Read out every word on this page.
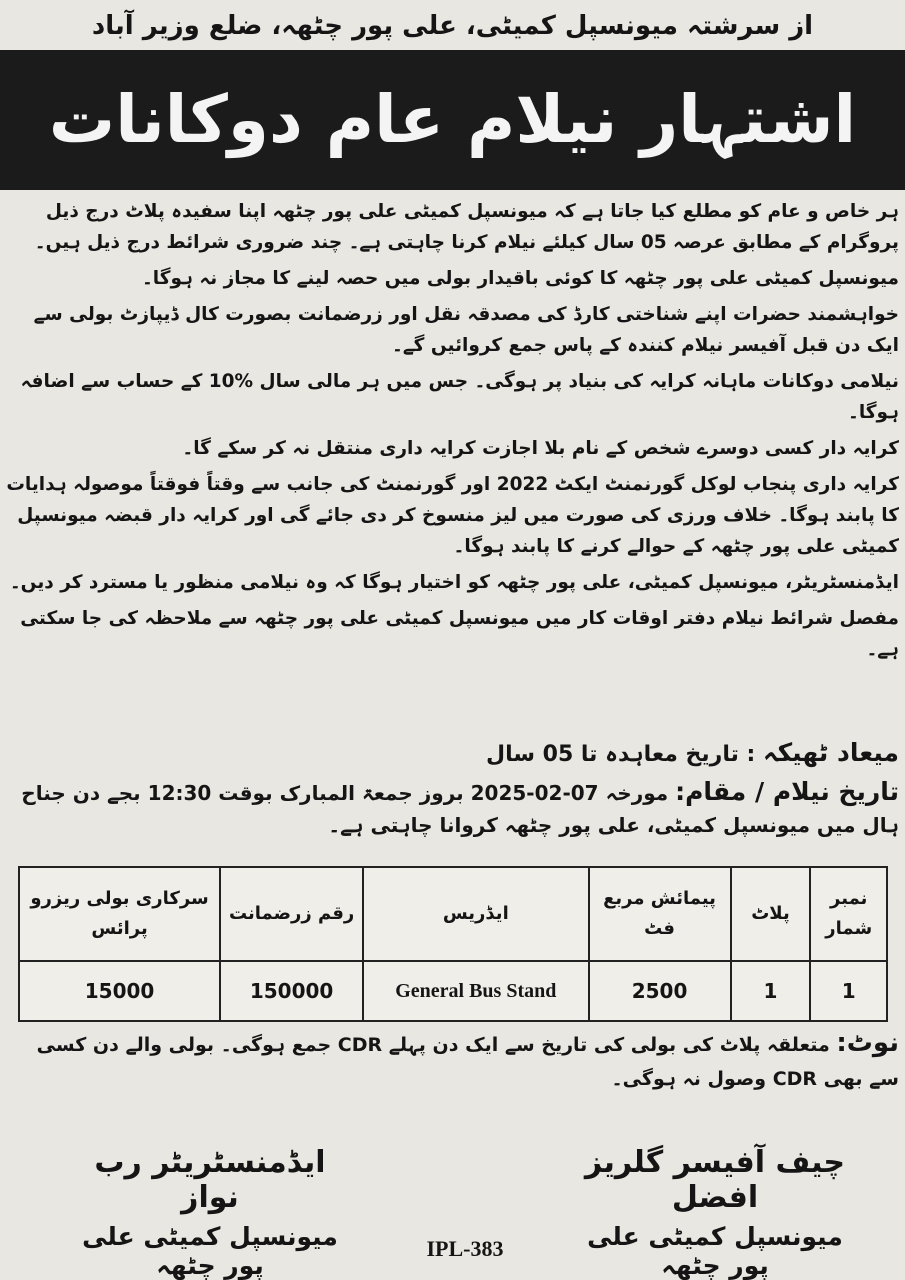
از سرشتہ میونسپل کمیٹی، علی پور چٹھہ، ضلع وزیر آباد
اشتہار نیلام عام دوکانات

ہر خاص و عام کو مطلع کیا جاتا ہے کہ میونسپل کمیٹی علی پور چٹھہ اپنا سفیدہ پلاٹ درج ذیل پروگرام کے مطابق عرصہ 05 سال کیلئے نیلام کرنا چاہتی ہے۔ چند ضروری شرائط درج ذیل ہیں۔

میونسپل کمیٹی علی پور چٹھہ کا کوئی باقیدار بولی میں حصہ لینے کا مجاز نہ ہوگا۔

خواہشمند حضرات اپنے شناختی کارڈ کی مصدقہ نقل اور زرضمانت بصورت کال ڈیپازٹ بولی سے ایک دن قبل آفیسر نیلام کنندہ کے پاس جمع کروائیں گے۔

نیلامی دوکانات ماہانہ کرایہ کی بنیاد پر ہوگی۔ جس میں ہر مالی سال %10 کے حساب سے اضافہ ہوگا۔

کرایہ دار کسی دوسرے شخص کے نام بلا اجازت کرایہ داری منتقل نہ کر سکے گا۔

کرایہ داری پنجاب لوکل گورنمنٹ ایکٹ 2022 اور گورنمنٹ کی جانب سے وقتاً فوقتاً موصولہ ہدایات کا پابند ہوگا۔ خلاف ورزی کی صورت میں لیز منسوخ کر دی جائے گی اور کرایہ دار قبضہ میونسپل کمیٹی علی پور چٹھہ کے حوالے کرنے کا پابند ہوگا۔

ایڈمنسٹریٹر، میونسپل کمیٹی، علی پور چٹھہ کو اختیار ہوگا کہ وہ نیلامی منظور یا مسترد کر دیں۔

مفصل شرائط نیلام دفتر اوقات کار میں میونسپل کمیٹی علی پور چٹھہ سے ملاحظہ کی جا سکتی ہے۔

میعاد ٹھیکہ : تاریخ معاہدہ تا 05 سال
تاریخ نیلام / مقام: مورخہ 07-02-2025 بروز جمعۃ المبارک بوقت 12:30 بجے دن جناح ہال میں میونسپل کمیٹی، علی پور چٹھہ کروانا چاہتی ہے۔
نمبر شمار	پلاٹ	پیمائش مربع فٹ	ایڈریس	رقم زرضمانت	سرکاری بولی ریزرو پرائس
1	1	2500	General Bus Stand	150000	15000
نوٹ: متعلقہ پلاٹ کی بولی کی تاریخ سے ایک دن پہلے CDR جمع ہوگی۔ بولی والے دن کسی سے بھی CDR وصول نہ ہوگی۔
چیف آفیسر گلریز افضل
ایڈمنسٹریٹر رب نواز
میونسپل کمیٹی علی پور چٹھہ
میونسپل کمیٹی علی پور چٹھہ
IPL-383
